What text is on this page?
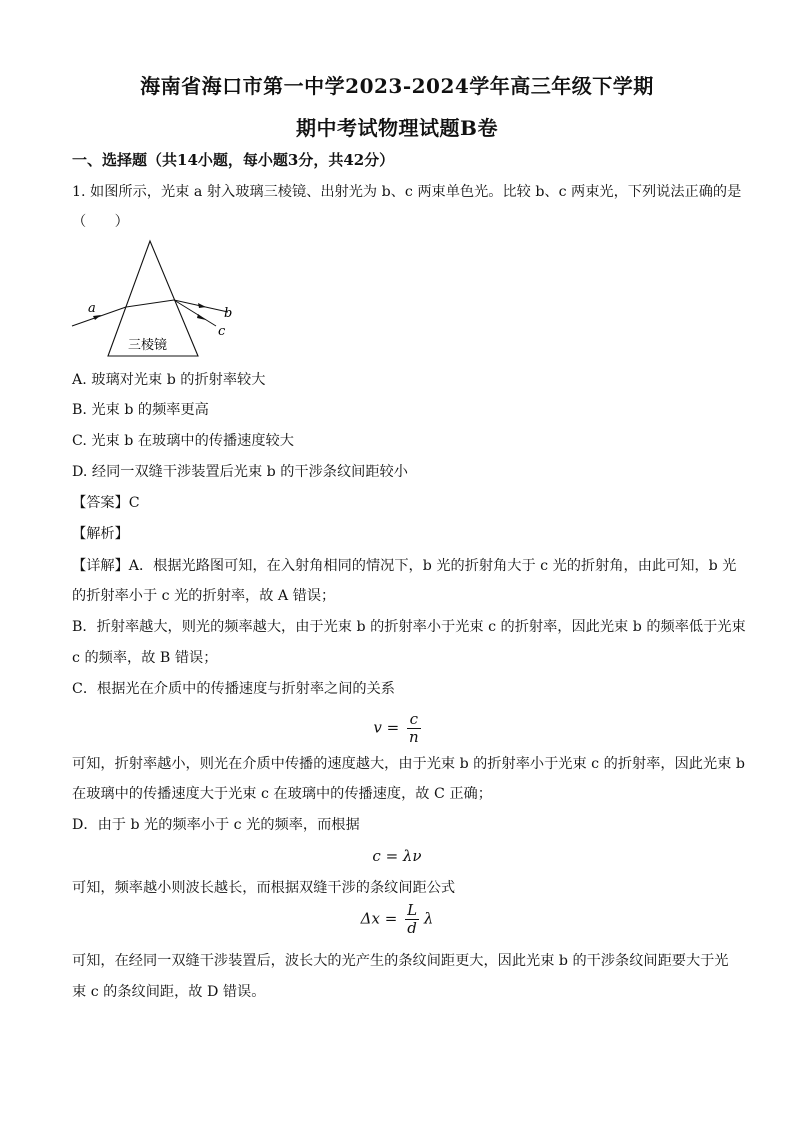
海南省海口市第一中学2023-2024学年高三年级下学期
期中考试物理试题B卷
一、选择题（共14小题，每小题3分，共42分）
1. 如图所示，光束 a 射入玻璃三棱镜、出射光为 b、c 两束单色光。比较 b、c 两束光，下列说法正确的是
（　　）
a	b
c
三棱镜
A. 玻璃对光束 b 的折射率较大
B. 光束 b 的频率更高
C. 光束 b 在玻璃中的传播速度较大
D. 经同一双缝干涉装置后光束 b 的干涉条纹间距较小
【答案】C
【解析】
【详解】A．根据光路图可知，在入射角相同的情况下，b 光的折射角大于 c 光的折射角，由此可知，b 光
的折射率小于 c 光的折射率，故 A 错误；
B．折射率越大，则光的频率越大，由于光束 b 的折射率小于光束 c 的折射率，因此光束 b 的频率低于光束
c 的频率，故 B 错误；
C．根据光在介质中的传播速度与折射率之间的关系
$v = \frac{c}{n}$
可知，折射率越小，则光在介质中传播的速度越大，由于光束 b 的折射率小于光束 c 的折射率，因此光束 b
在玻璃中的传播速度大于光束 c 在玻璃中的传播速度，故 C 正确；
D．由于 b 光的频率小于 c 光的频率，而根据
c = λν
可知，频率越小则波长越长，而根据双缝干涉的条纹间距公式
$\Delta x = \frac{L}{d}$ λ
可知，在经同一双缝干涉装置后，波长大的光产生的条纹间距更大，因此光束 b 的干涉条纹间距要大于光
束 c 的条纹间距，故 D 错误。
